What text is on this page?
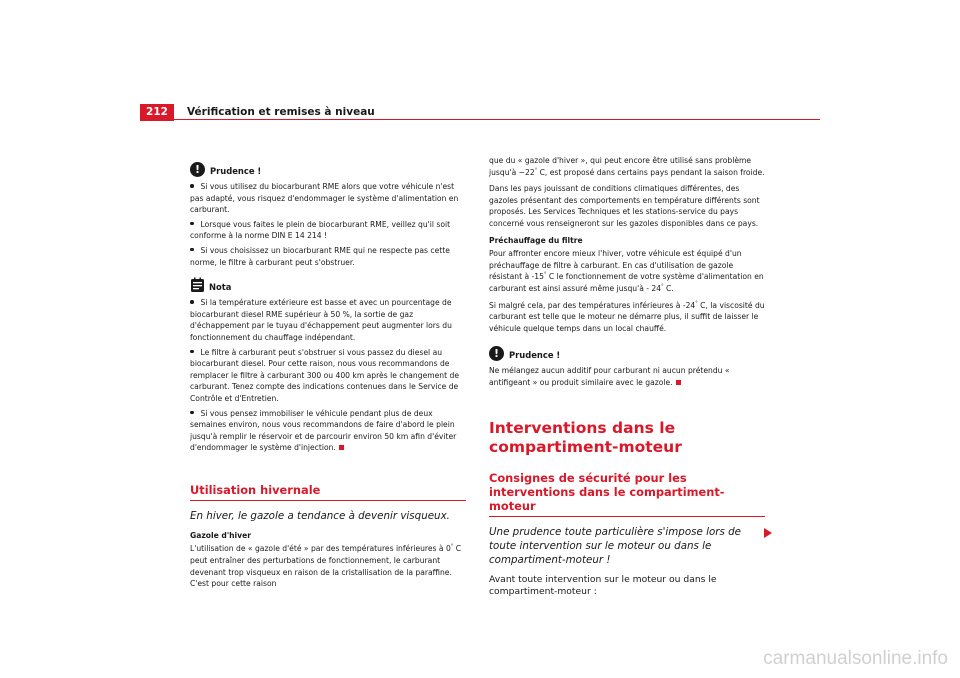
212	Vérification et remises à niveau
!	Prudence !

Si vous utilisez du biocarburant RME alors que votre véhicule n'est pas adapté, vous risquez d'endommager le système d'alimentation en carburant.

Lorsque vous faites le plein de biocarburant RME, veillez qu'il soit conforme à la norme DIN E 14 214 !

Si vous choisissez un biocarburant RME qui ne respecte pas cette norme, le filtre à carburant peut s'obstruer.

Nota

Si la température extérieure est basse et avec un pourcentage de biocarburant diesel RME supérieur à 50 %, la sortie de gaz d'échappement par le tuyau d'échappement peut augmenter lors du fonctionnement du chauffage indépendant.

Le filtre à carburant peut s'obstruer si vous passez du diesel au biocarburant diesel. Pour cette raison, nous vous recommandons de remplacer le filtre à carburant 300 ou 400 km après le changement de carburant. Tenez compte des indications contenues dans le Service de Contrôle et d'Entretien.

Si vous pensez immobiliser le véhicule pendant plus de deux semaines environ, nous vous recommandons de faire d'abord le plein jusqu'à remplir le réservoir et de parcourir environ 50 km afin d'éviter d'endommager le système d'injection.

Utilisation hivernale
En hiver, le gazole a tendance à devenir visqueux.
Gazole d'hiver

L'utilisation de « gazole d'été » par des températures inférieures à 0° C peut entraîner des perturbations de fonctionnement, le carburant devenant trop visqueux en raison de la cristallisation de la paraffine. C'est pour cette raison

que du « gazole d'hiver », qui peut encore être utilisé sans problème jusqu'à −22° C, est proposé dans certains pays pendant la saison froide.

Dans les pays jouissant de conditions climatiques différentes, des gazoles présentant des comportements en température différents sont proposés. Les Services Techniques et les stations-service du pays concerné vous renseigneront sur les gazoles disponibles dans ce pays.

Préchauffage du filtre

Pour affronter encore mieux l'hiver, votre véhicule est équipé d'un préchauffage de filtre à carburant. En cas d'utilisation de gazole résistant à -15° C le fonctionnement de votre système d'alimentation en carburant est ainsi assuré même jusqu'à - 24° C.

Si malgré cela, par des températures inférieures à -24° C, la viscosité du carburant est telle que le moteur ne démarre plus, il suffit de laisser le véhicule quelque temps dans un local chauffé.

!	Prudence !

Ne mélangez aucun additif pour carburant ni aucun prétendu « antifigeant » ou produit similaire avec le gazole.

Interventions dans le compartiment-moteur
Consignes de sécurité pour les interventions dans le compartiment-moteur
Une prudence toute particulière s'impose lors de toute intervention sur le moteur ou dans le compartiment-moteur !

Avant toute intervention sur le moteur ou dans le compartiment-moteur :

carmanualsonline.info
